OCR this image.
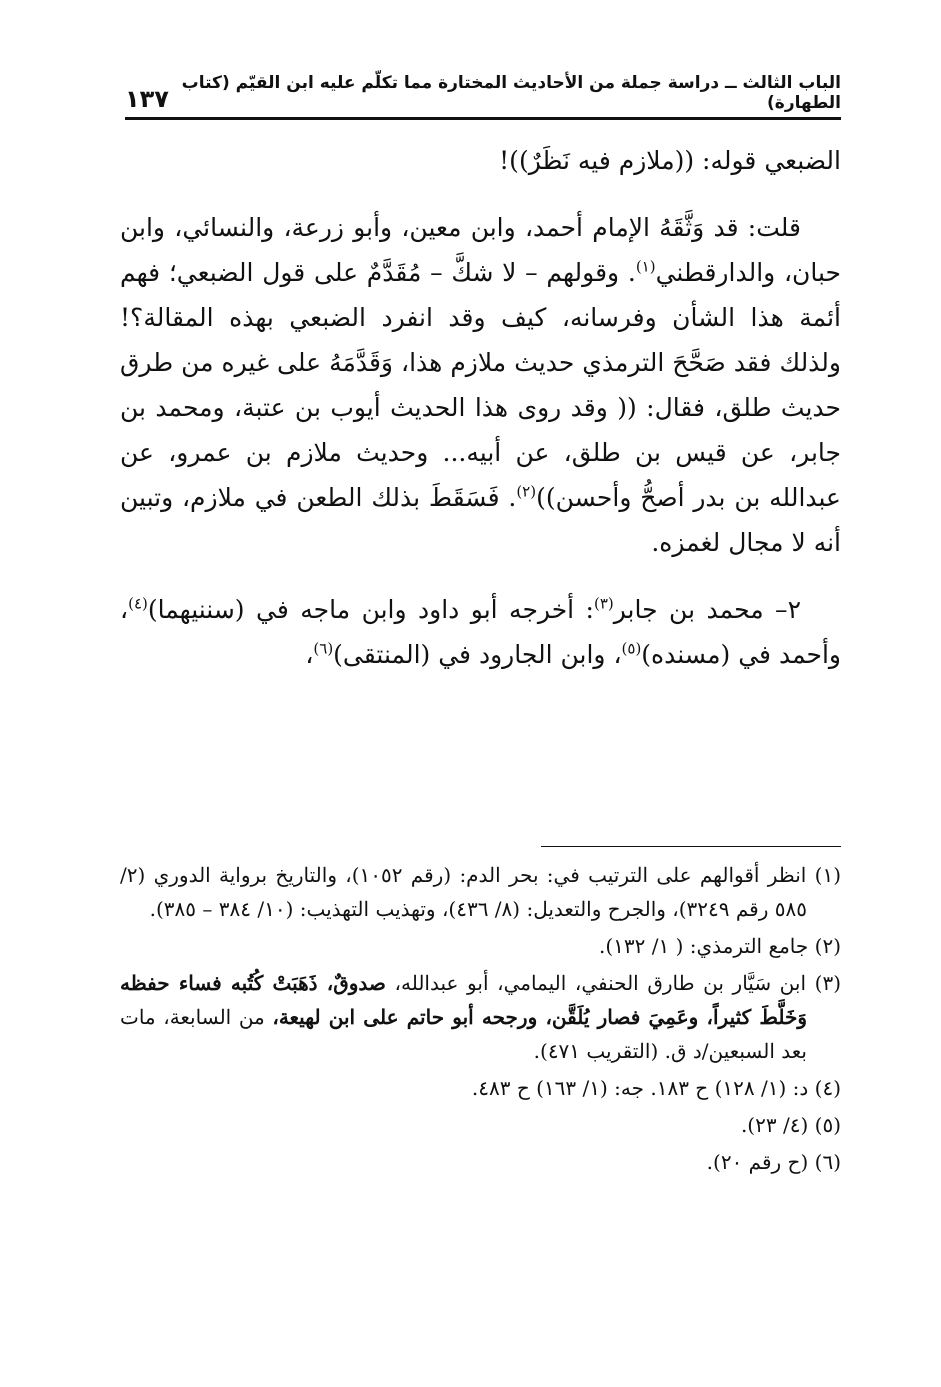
الباب الثالث ــ دراسة جملة من الأحاديث المختارة مما تكلّم عليه ابن القيّم (كتاب الطهارة)
١٣٧

الضبعي قوله: ((ملازم فيه نَظَرٌ))!

قلت: قد وَثَّقَهُ الإمام أحمد، وابن معين، وأبو زرعة، والنسائي، وابن حبان، والدارقطني$^{(١)}$. وقولهم – لا شكَّ – مُقَدَّمٌ على قول الضبعي؛ فهم أئمة هذا الشأن وفرسانه، كيف وقد انفرد الضبعي بهذه المقالة؟! ولذلك فقد صَحَّحَ الترمذي حديث ملازم هذا، وَقَدَّمَهُ على غيره من طرق حديث طلق، فقال: (( وقد روى هذا الحديث أيوب بن عتبة، ومحمد بن جابر، عن قيس بن طلق، عن أبيه... وحديث ملازم بن عمرو، عن عبدالله بن بدر أصحُّ وأحسن))$^{(٢)}$. فَسَقَطَ بذلك الطعن في ملازم، وتبين أنه لا مجال لغمزه.

٢– محمد بن جابر$^{(٣)}$: أخرجه أبو داود وابن ماجه في (سننيهما)$^{(٤)}$، وأحمد في (مسنده)$^{(٥)}$، وابن الجارود في (المنتقى)$^{(٦)}$،

(١) انظر أقوالهم على الترتيب في: بحر الدم: (رقم ١٠٥٢)، والتاريخ برواية الدوري (٢/ ٥٨٥ رقم ٣٢٤٩)، والجرح والتعديل: (٨/ ٤٣٦)، وتهذيب التهذيب: (١٠/ ٣٨٤ – ٣٨٥).

(٢) جامع الترمذي: ( ١/ ١٣٢).

(٣) ابن سَيَّار بن طارق الحنفي، اليمامي، أبو عبدالله، صدوقٌ، ذَهَبَتْ كُتُبه فساء حفظه وَخَلَّطَ كثيراً، وعَمِيَ فصار يُلَقَّن، ورجحه أبو حاتم على ابن لهيعة، من السابعة، مات بعد السبعين/د ق. (التقريب ٤٧١).

(٤) د: (١/ ١٢٨) ح ١٨٣. جه: (١/ ١٦٣) ح ٤٨٣.

(٥) (٤/ ٢٣).

(٦) (ح رقم ٢٠).
